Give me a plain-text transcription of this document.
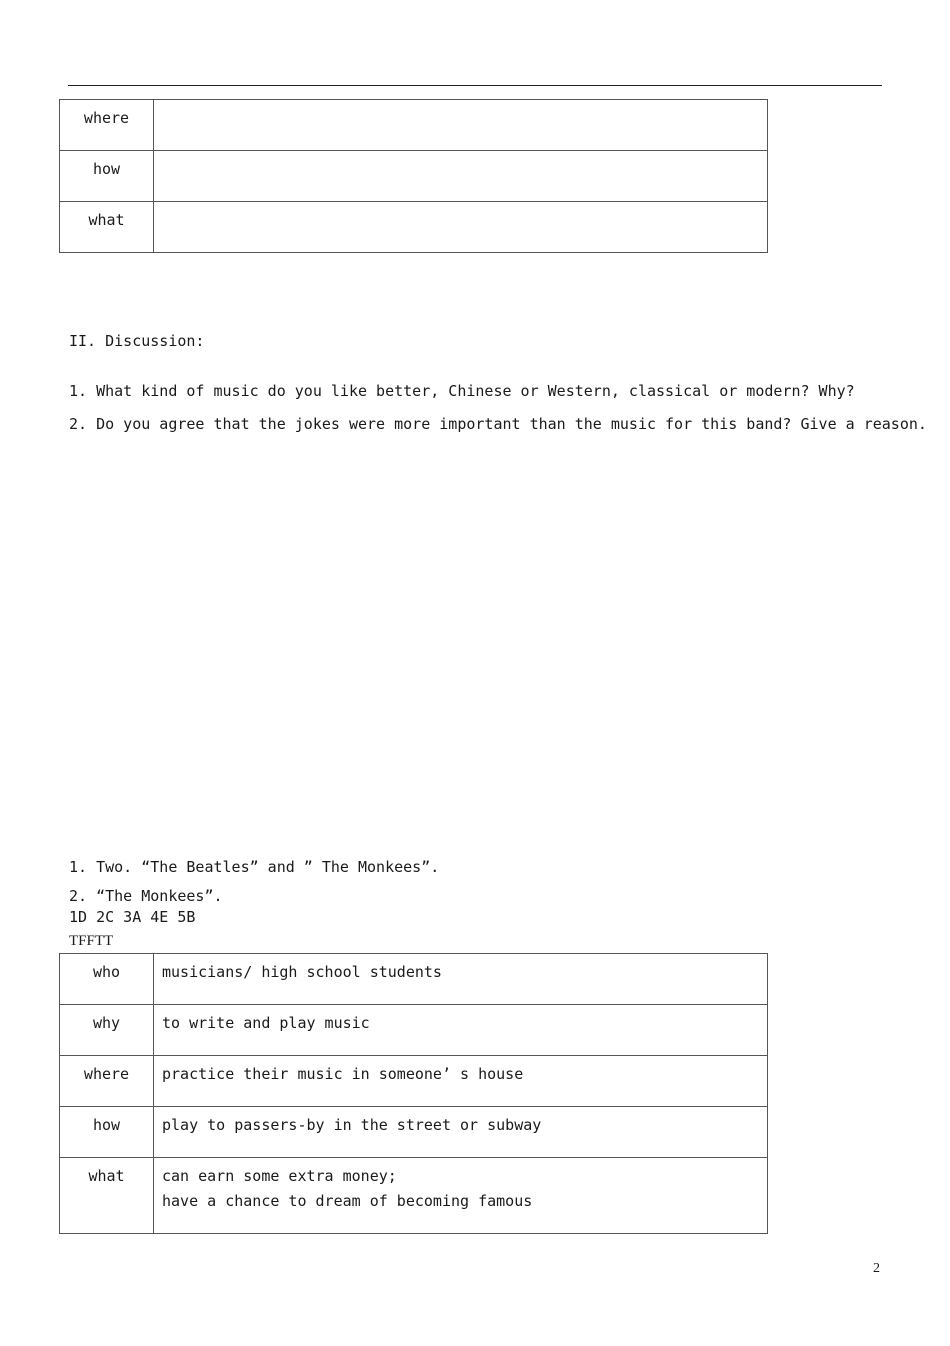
where	
how	
what	
II. Discussion:
1. What kind of music do you like better, Chinese or Western, classical or modern? Why?
2. Do you agree that the jokes were more important than the music for this band? Give a reason.
1. Two. “The Beatles” and ” The Monkees”.
2. “The Monkees”.
1D 2C 3A 4E 5B
TFFTT
who	musicians/ high school students
why	to write and play music
where	practice their music in someone’ s house
how	play to passers-by in the street or subway
what	can earn some extra money;
have a chance to dream of becoming famous
2
